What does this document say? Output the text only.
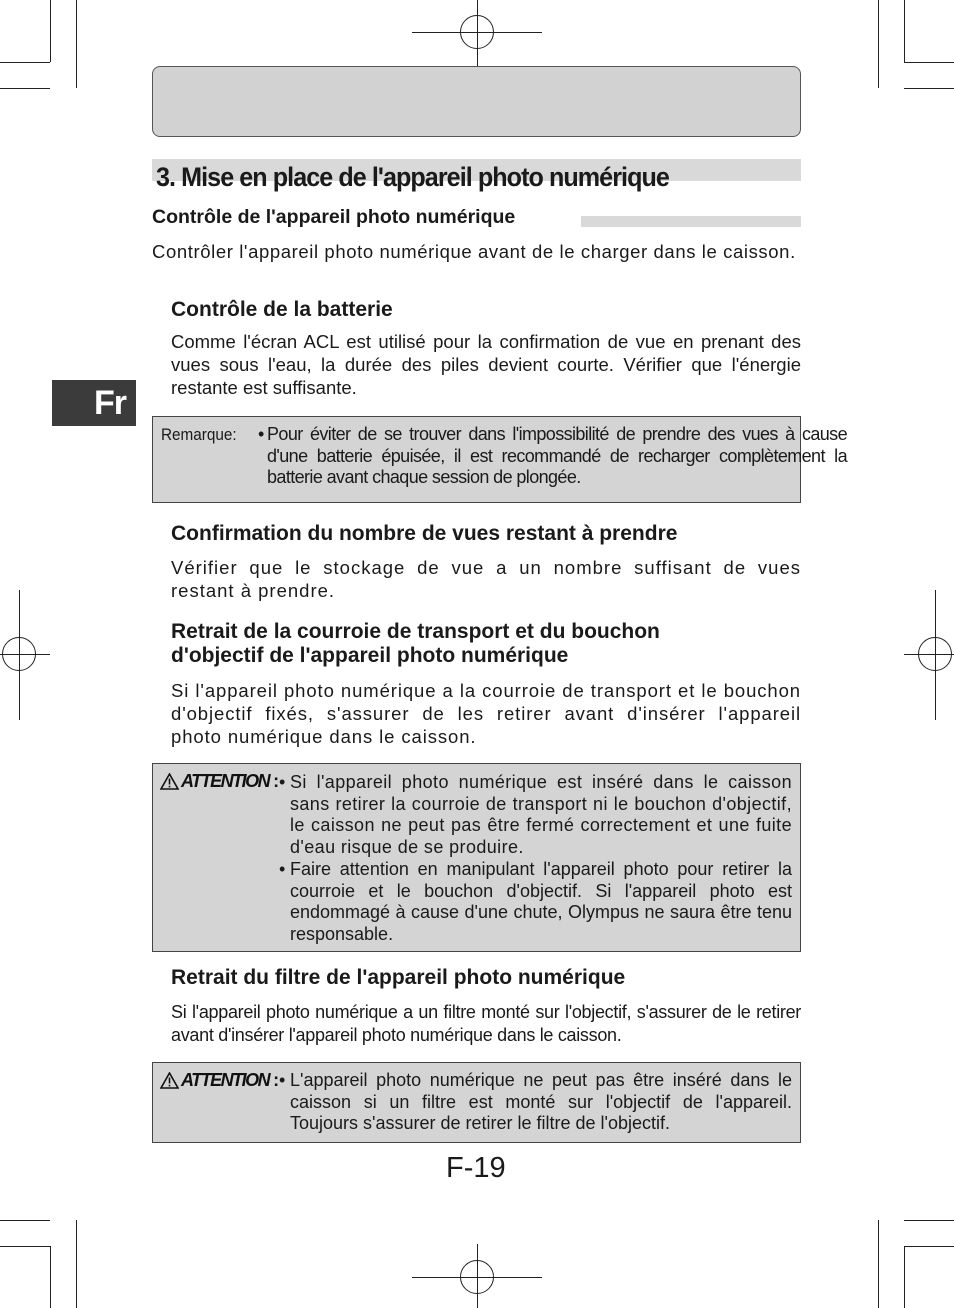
3. Mise en place de l'appareil photo numérique
Contrôle de l'appareil photo numérique

Contrôler l'appareil photo numérique avant de le charger dans le caisson.

Fr
Contrôle de la batterie

Comme l'écran ACL est utilisé pour la confirmation de vue en prenant des vues sous l'eau, la durée des piles devient courte. Vérifier que l'énergie restante est suffisante.

Remarque: • Pour éviter de se trouver dans l'impossibilité de prendre des vues à cause d'une batterie épuisée, il est recommandé de recharger complètement la batterie avant chaque session de plongée.

Confirmation du nombre de vues restant à prendre

Vérifier que le stockage de vue a un nombre suffisant de vues restant à prendre.

Retrait de la courroie de transport et du bouchon
d'objectif de l'appareil photo numérique

Si l'appareil photo numérique a la courroie de transport et le bouchon d'objectif fixés, s'assurer de les retirer avant d'insérer l'appareil photo numérique dans le caisson.

ATTENTION : • Si l'appareil photo numérique est inséré dans le caisson sans retirer la courroie de transport ni le bouchon d'objectif, le caisson ne peut pas être fermé correctement et une fuite d'eau risque de se produire.

• Faire attention en manipulant l'appareil photo pour retirer la courroie et le bouchon d'objectif. Si l'appareil photo est endommagé à cause d'une chute, Olympus ne saura être tenu responsable.

Retrait du filtre de l'appareil photo numérique

Si l'appareil photo numérique a un filtre monté sur l'objectif, s'assurer de le retirer avant d'insérer l'appareil photo numérique dans le caisson.

ATTENTION : • L'appareil photo numérique ne peut pas être inséré dans le caisson si un filtre est monté sur l'objectif de l'appareil. Toujours s'assurer de retirer le filtre de l'objectif.

F-19
